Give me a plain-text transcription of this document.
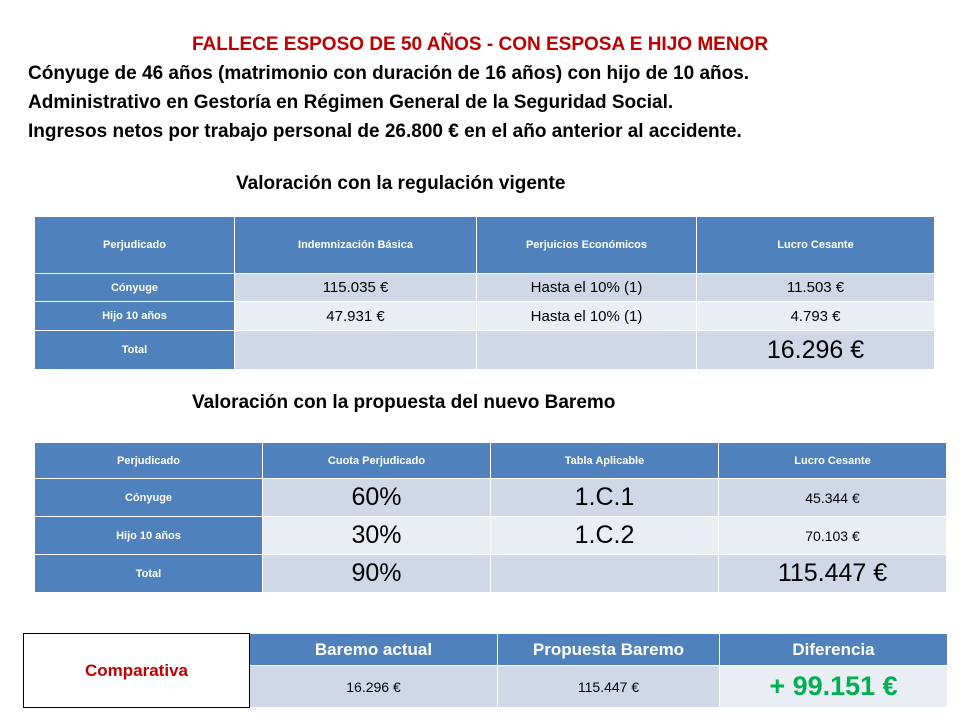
FALLECE ESPOSO DE 50 AÑOS - CON ESPOSA E HIJO MENOR
Cónyuge de 46 años (matrimonio con duración de 16 años) con hijo de 10 años.
Administrativo en Gestoría en Régimen General de la Seguridad Social.
Ingresos netos por trabajo personal de 26.800 € en el año anterior al accidente.
Valoración con la regulación vigente
Perjudicado	Indemnización Básica	Perjuicios Económicos	Lucro Cesante
Cónyuge	115.035 €	Hasta el 10% (1)	11.503 €
Hijo 10 años	47.931 €	Hasta el 10% (1)	4.793 €
Total			16.296 €
Valoración con la propuesta del nuevo Baremo
Perjudicado	Cuota Perjudicado	Tabla Aplicable	Lucro Cesante
Cónyuge	60%	1.C.1	45.344 €
Hijo 10 años	30%	1.C.2	70.103 €
Total	90%		115.447 €
Comparativa	Baremo actual	Propuesta Baremo	Diferencia
	16.296 €	115.447 €	+ 99.151 €
